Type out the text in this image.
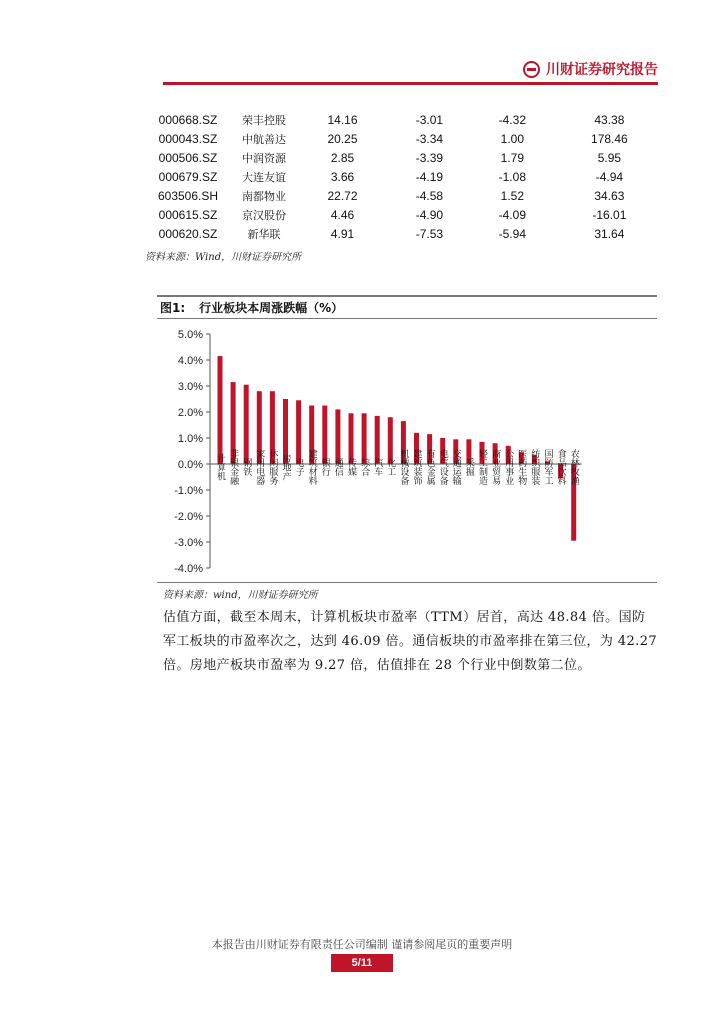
川财证券研究报告
000668.SZ	荣丰控股	14.16	-3.01	-4.32	43.38
000043.SZ	中航善达	20.25	-3.34	1.00	178.46
000506.SZ	中润资源	2.85	-3.39	1.79	5.95
000679.SZ	大连友谊	3.66	-4.19	-1.08	-4.94
603506.SH	南都物业	22.72	-4.58	1.52	34.63
000615.SZ	京汉股份	4.46	-4.90	-4.09	-16.01
000620.SZ	新华联	4.91	-7.53	-5.94	31.64
资料来源：Wind，川财证券研究所
图1: 行业板块本周涨跌幅（%）
5.0%
4.0%
3.0%
2.0%
1.0%
0.0%
-1.0%
-2.0%
-3.0%
-4.0%
计算机 非银金融 钢铁 家用电器 休闲服务 房地产 电子 建筑材料 银行 通信 传媒 综合 汽车 化工 机械设备 建筑装饰 有色金属 电气设备 交通运输 采掘 轻工制造 商业贸易 公用事业 医药生物 纺织服装 国防军工 食品饮料 农林牧渔
资料来源：wind，川财证券研究所
估值方面，截至本周末，计算机板块市盈率（TTM）居首，高达 48.84 倍。国防军工板块的市盈率次之，达到 46.09 倍。通信板块的市盈率排在第三位，为 42.27 倍。房地产板块市盈率为 9.27 倍，估值排在 28 个行业中倒数第二位。
本报告由川财证券有限责任公司编制 谨请参阅尾页的重要声明
5/11
